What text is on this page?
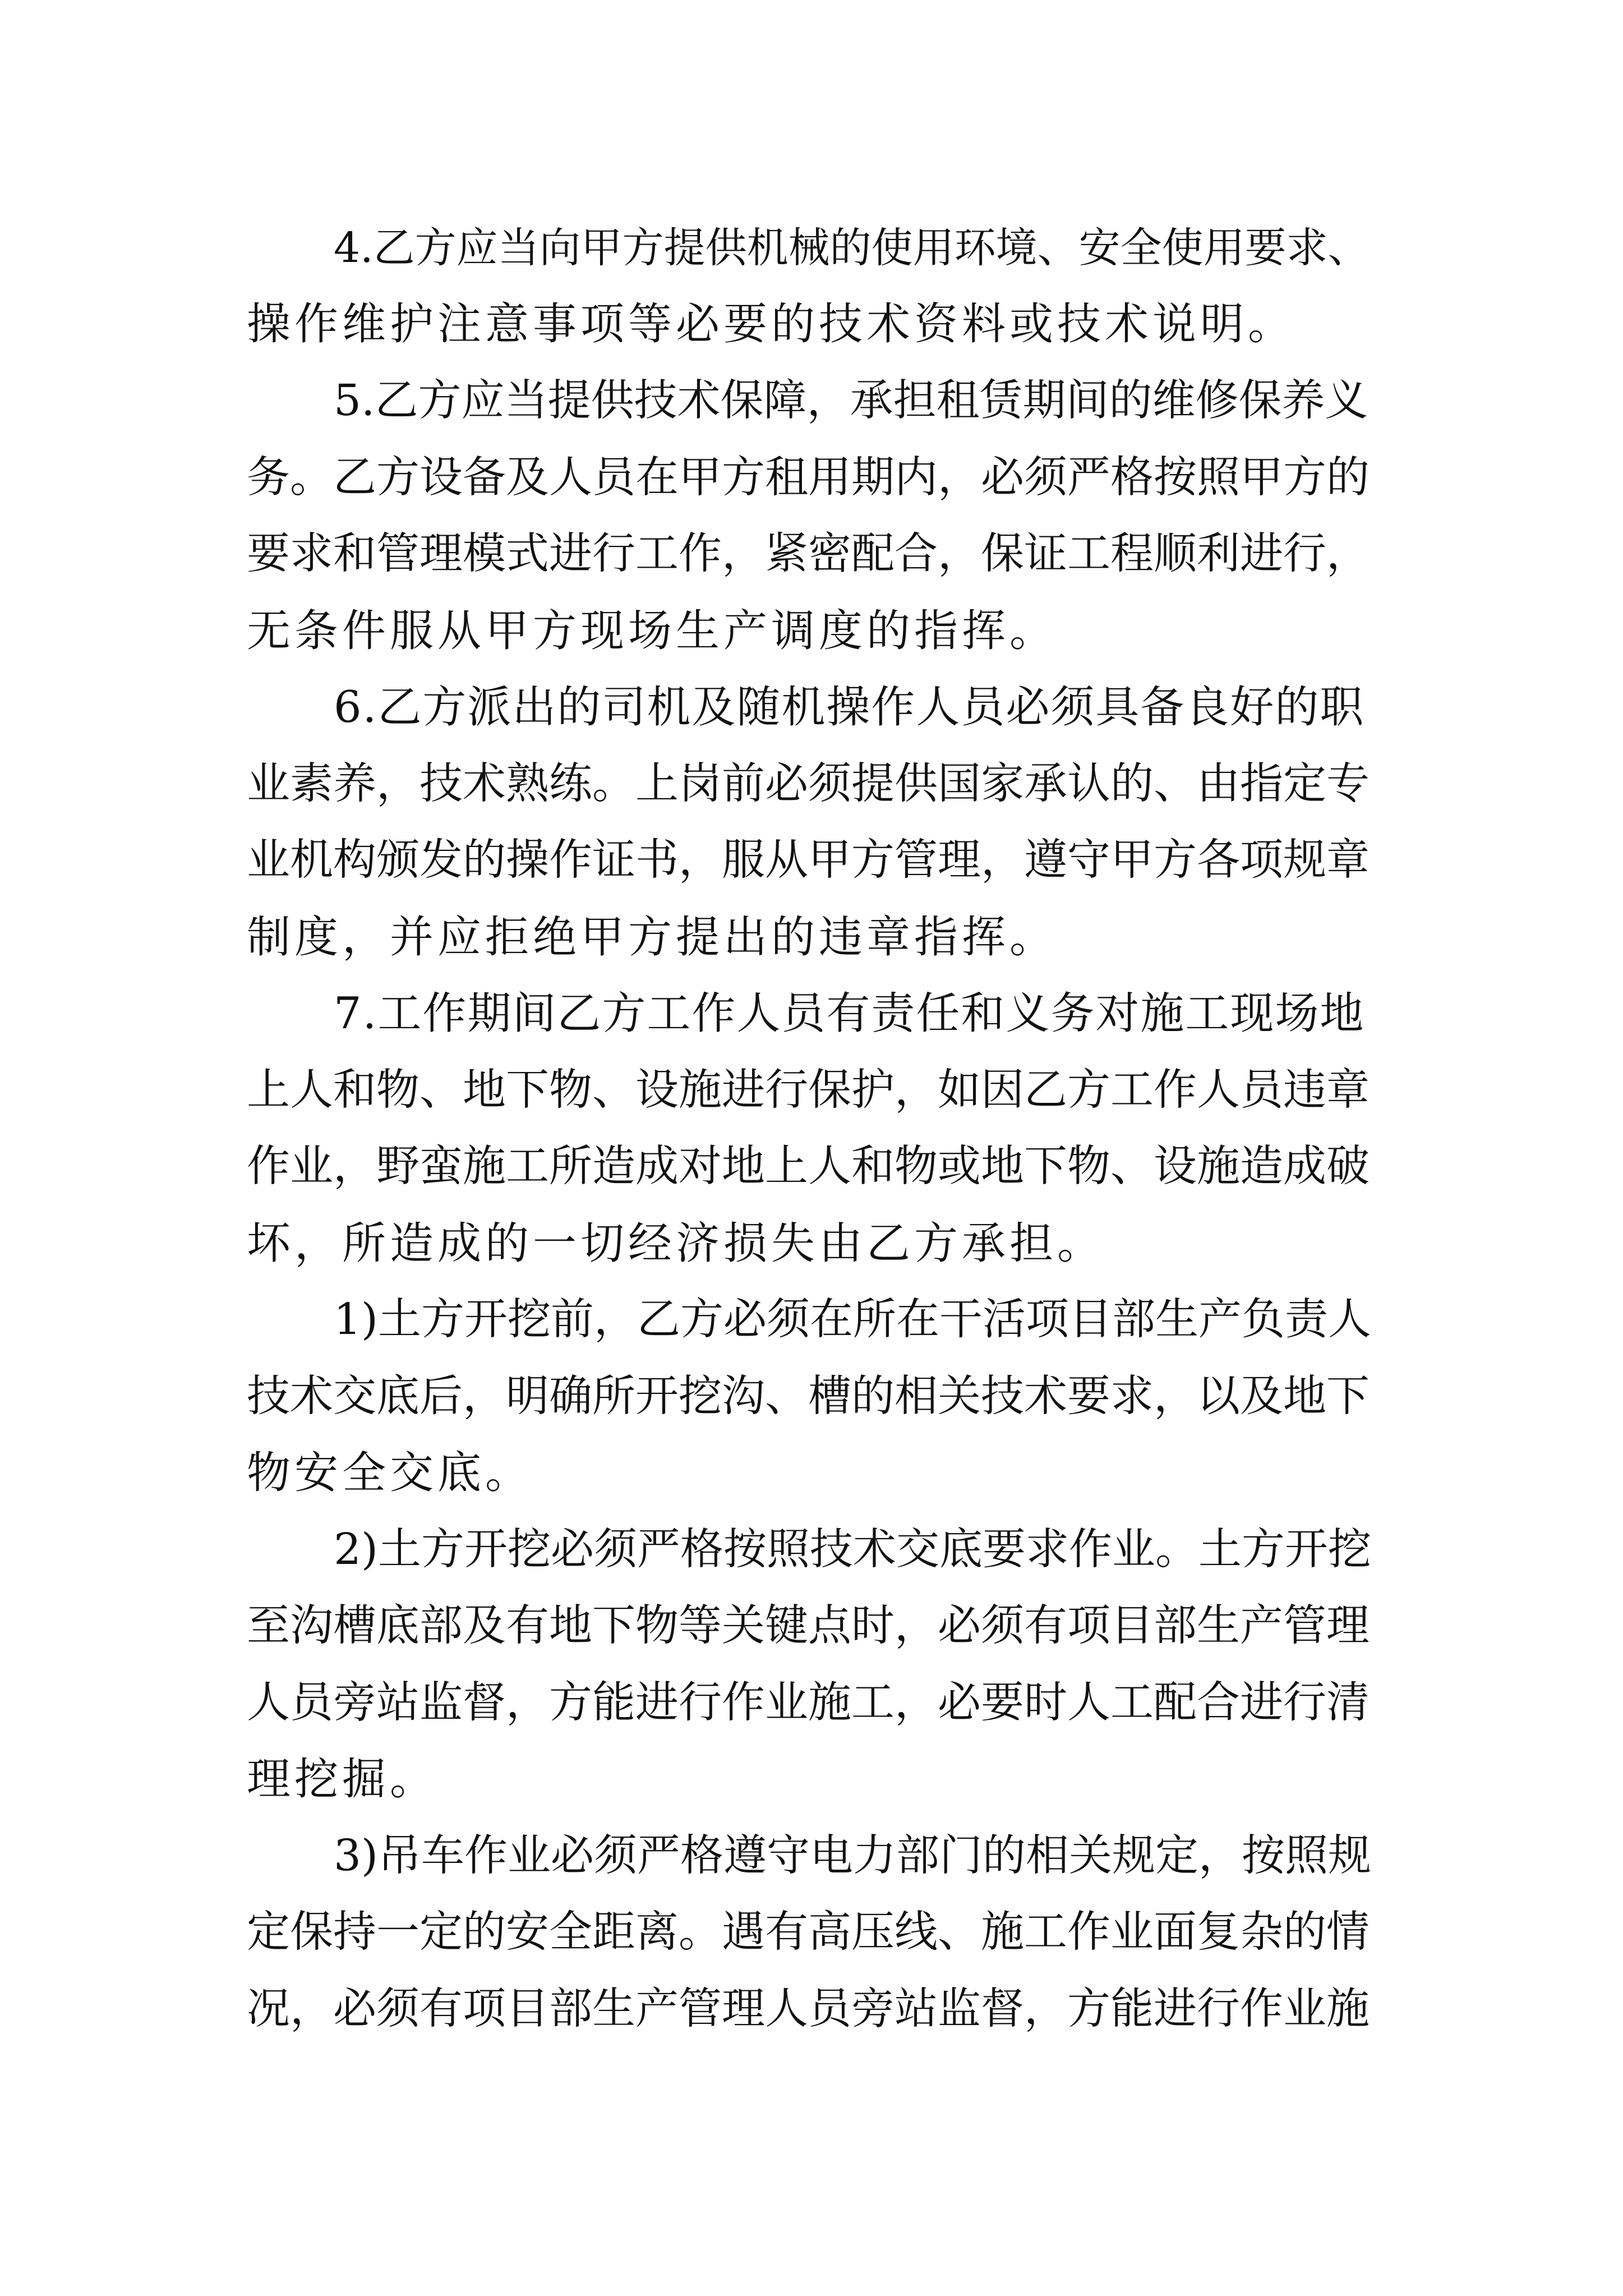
4.乙方应当向甲方提供机械的使用环境、安全使用要求、

操作维护注意事项等必要的技术资料或技术说明。

5.乙方应当提供技术保障，承担租赁期间的维修保养义

务。乙方设备及人员在甲方租用期内，必须严格按照甲方的

要求和管理模式进行工作，紧密配合，保证工程顺利进行，

无条件服从甲方现场生产调度的指挥。

6.乙方派出的司机及随机操作人员必须具备良好的职

业素养，技术熟练。上岗前必须提供国家承认的、由指定专

业机构颁发的操作证书，服从甲方管理，遵守甲方各项规章

制度，并应拒绝甲方提出的违章指挥。

7.工作期间乙方工作人员有责任和义务对施工现场地

上人和物、地下物、设施进行保护，如因乙方工作人员违章

作业，野蛮施工所造成对地上人和物或地下物、设施造成破

坏，所造成的一切经济损失由乙方承担。

1)土方开挖前，乙方必须在所在干活项目部生产负责人

技术交底后，明确所开挖沟、槽的相关技术要求，以及地下

物安全交底。

2)土方开挖必须严格按照技术交底要求作业。土方开挖

至沟槽底部及有地下物等关键点时，必须有项目部生产管理

人员旁站监督，方能进行作业施工，必要时人工配合进行清

理挖掘。

3)吊车作业必须严格遵守电力部门的相关规定，按照规

定保持一定的安全距离。遇有高压线、施工作业面复杂的情

况，必须有项目部生产管理人员旁站监督，方能进行作业施
